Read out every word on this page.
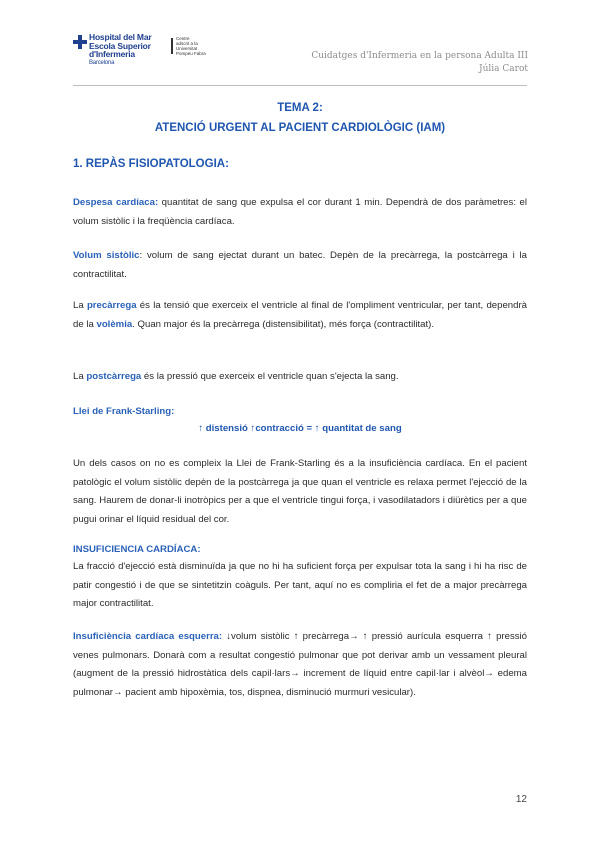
Hospital del Mar
Escola Superior
d'Infermeria
Barcelona
Centre
adscrit a la
Universitat
Pompeu Fabra	Cuidatges d'Infermeria en la persona Adulta III
Júlia Carot
TEMA 2:
ATENCIÓ URGENT AL PACIENT CARDIOLÒGIC (IAM)
1. REPÀS FISIOPATOLOGIA:

Despesa cardíaca: quantitat de sang que expulsa el cor durant 1 min. Dependrà de dos paràmetres: el volum sistòlic i la freqüència cardíaca.

Volum sistòlic: volum de sang ejectat durant un batec. Depèn de la precàrrega, la postcàrrega i la contractilitat.

La precàrrega és la tensió que exerceix el ventricle al final de l'ompliment ventricular, per tant, dependrà de la volèmia. Quan major és la precàrrega (distensibilitat), més força (contractilitat).

La postcàrrega és la pressió que exerceix el ventricle quan s'ejecta la sang.

Llei de Frank-Starling:

↑ distensió ↑contracció = ↑ quantitat de sang

Un dels casos on no es compleix la Llei de Frank-Starling és a la insuficiència cardíaca. En el pacient patològic el volum sistòlic depèn de la postcàrrega ja que quan el ventricle es relaxa permet l'ejecció de la sang. Haurem de donar-li inotròpics per a que el ventricle tingui força, i vasodilatadors i diürètics per a que pugui orinar el líquid residual del cor.

INSUFICIENCIA CARDÍACA:

La fracció d'ejecció està disminuïda ja que no hi ha suficient força per expulsar tota la sang i hi ha risc de patir congestió i de que se sintetitzin coàguls. Per tant, aquí no es compliria el fet de a major precàrrega major contractilitat.

Insuficiència cardíaca esquerra: ↓volum sistòlic ↑ precàrrega→ ↑ pressió aurícula esquerra ↑ pressió venes pulmonars. Donarà com a resultat congestió pulmonar que pot derivar amb un vessament pleural (augment de la pressió hidrostàtica dels capil·lars→ increment de líquid entre capil·lar i alvèol→ edema pulmonar→ pacient amb hipoxèmia, tos, dispnea, disminució murmuri vesicular).

12
